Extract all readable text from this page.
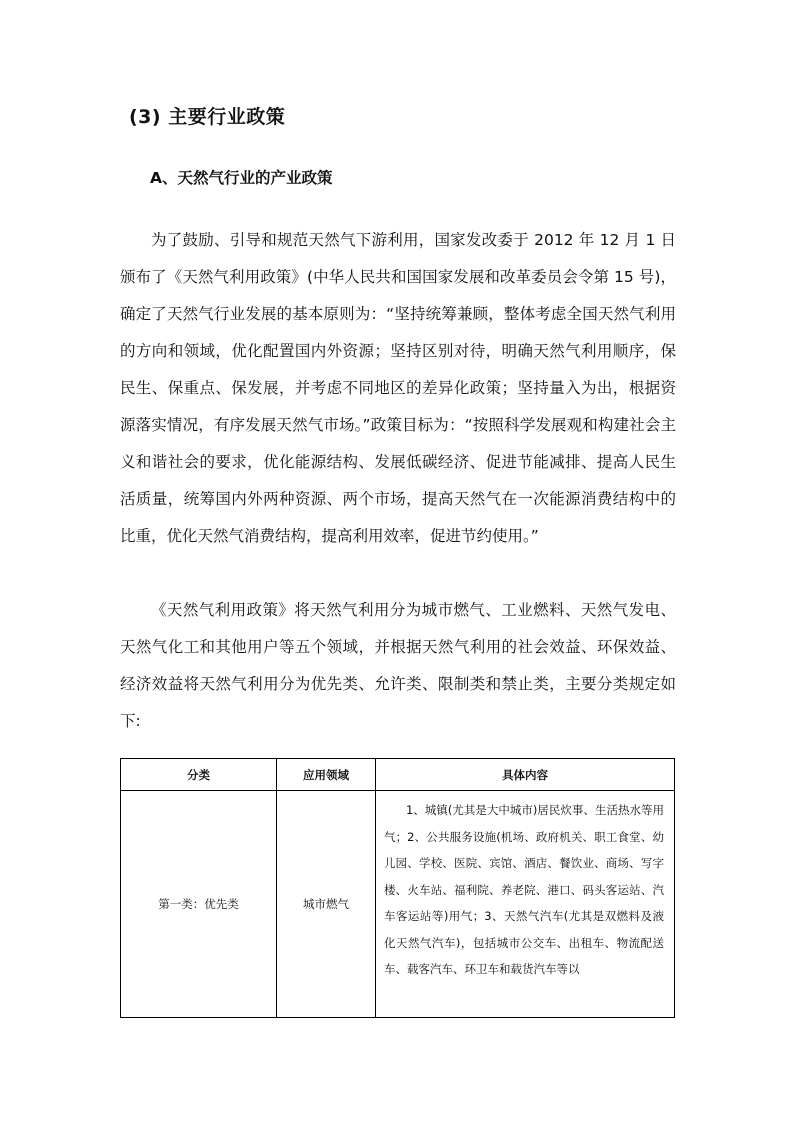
(3) 主要行业政策
A、天然气行业的产业政策

为了鼓励、引导和规范天然气下游利用，国家发改委于 2012 年 12 月 1 日颁布了《天然气利用政策》(中华人民共和国国家发展和改革委员会令第 15 号)，确定了天然气行业发展的基本原则为：“坚持统筹兼顾，整体考虑全国天然气利用的方向和领域，优化配置国内外资源；坚持区别对待，明确天然气利用顺序，保民生、保重点、保发展，并考虑不同地区的差异化政策；坚持量入为出，根据资源落实情况，有序发展天然气市场。”政策目标为：“按照科学发展观和构建社会主义和谐社会的要求，优化能源结构、发展低碳经济、促进节能减排、提高人民生活质量，统筹国内外两种资源、两个市场，提高天然气在一次能源消费结构中的比重，优化天然气消费结构，提高利用效率，促进节约使用。”

《天然气利用政策》将天然气利用分为城市燃气、工业燃料、天然气发电、天然气化工和其他用户等五个领域，并根据天然气利用的社会效益、环保效益、经济效益将天然气利用分为优先类、允许类、限制类和禁止类，主要分类规定如下:

分类	应用领域	具体内容
第一类：优先类	城市燃气	1、城镇(尤其是大中城市)居民炊事、生活热水等用气；2、公共服务设施(机场、政府机关、职工食堂、幼儿园、学校、医院、宾馆、酒店、餐饮业、商场、写字楼、火车站、福利院、养老院、港口、码头客运站、汽车客运站等)用气；3、天然气汽车(尤其是双燃料及液化天然气汽车)，包括城市公交车、出租车、物流配送车、载客汽车、环卫车和载货汽车等以
